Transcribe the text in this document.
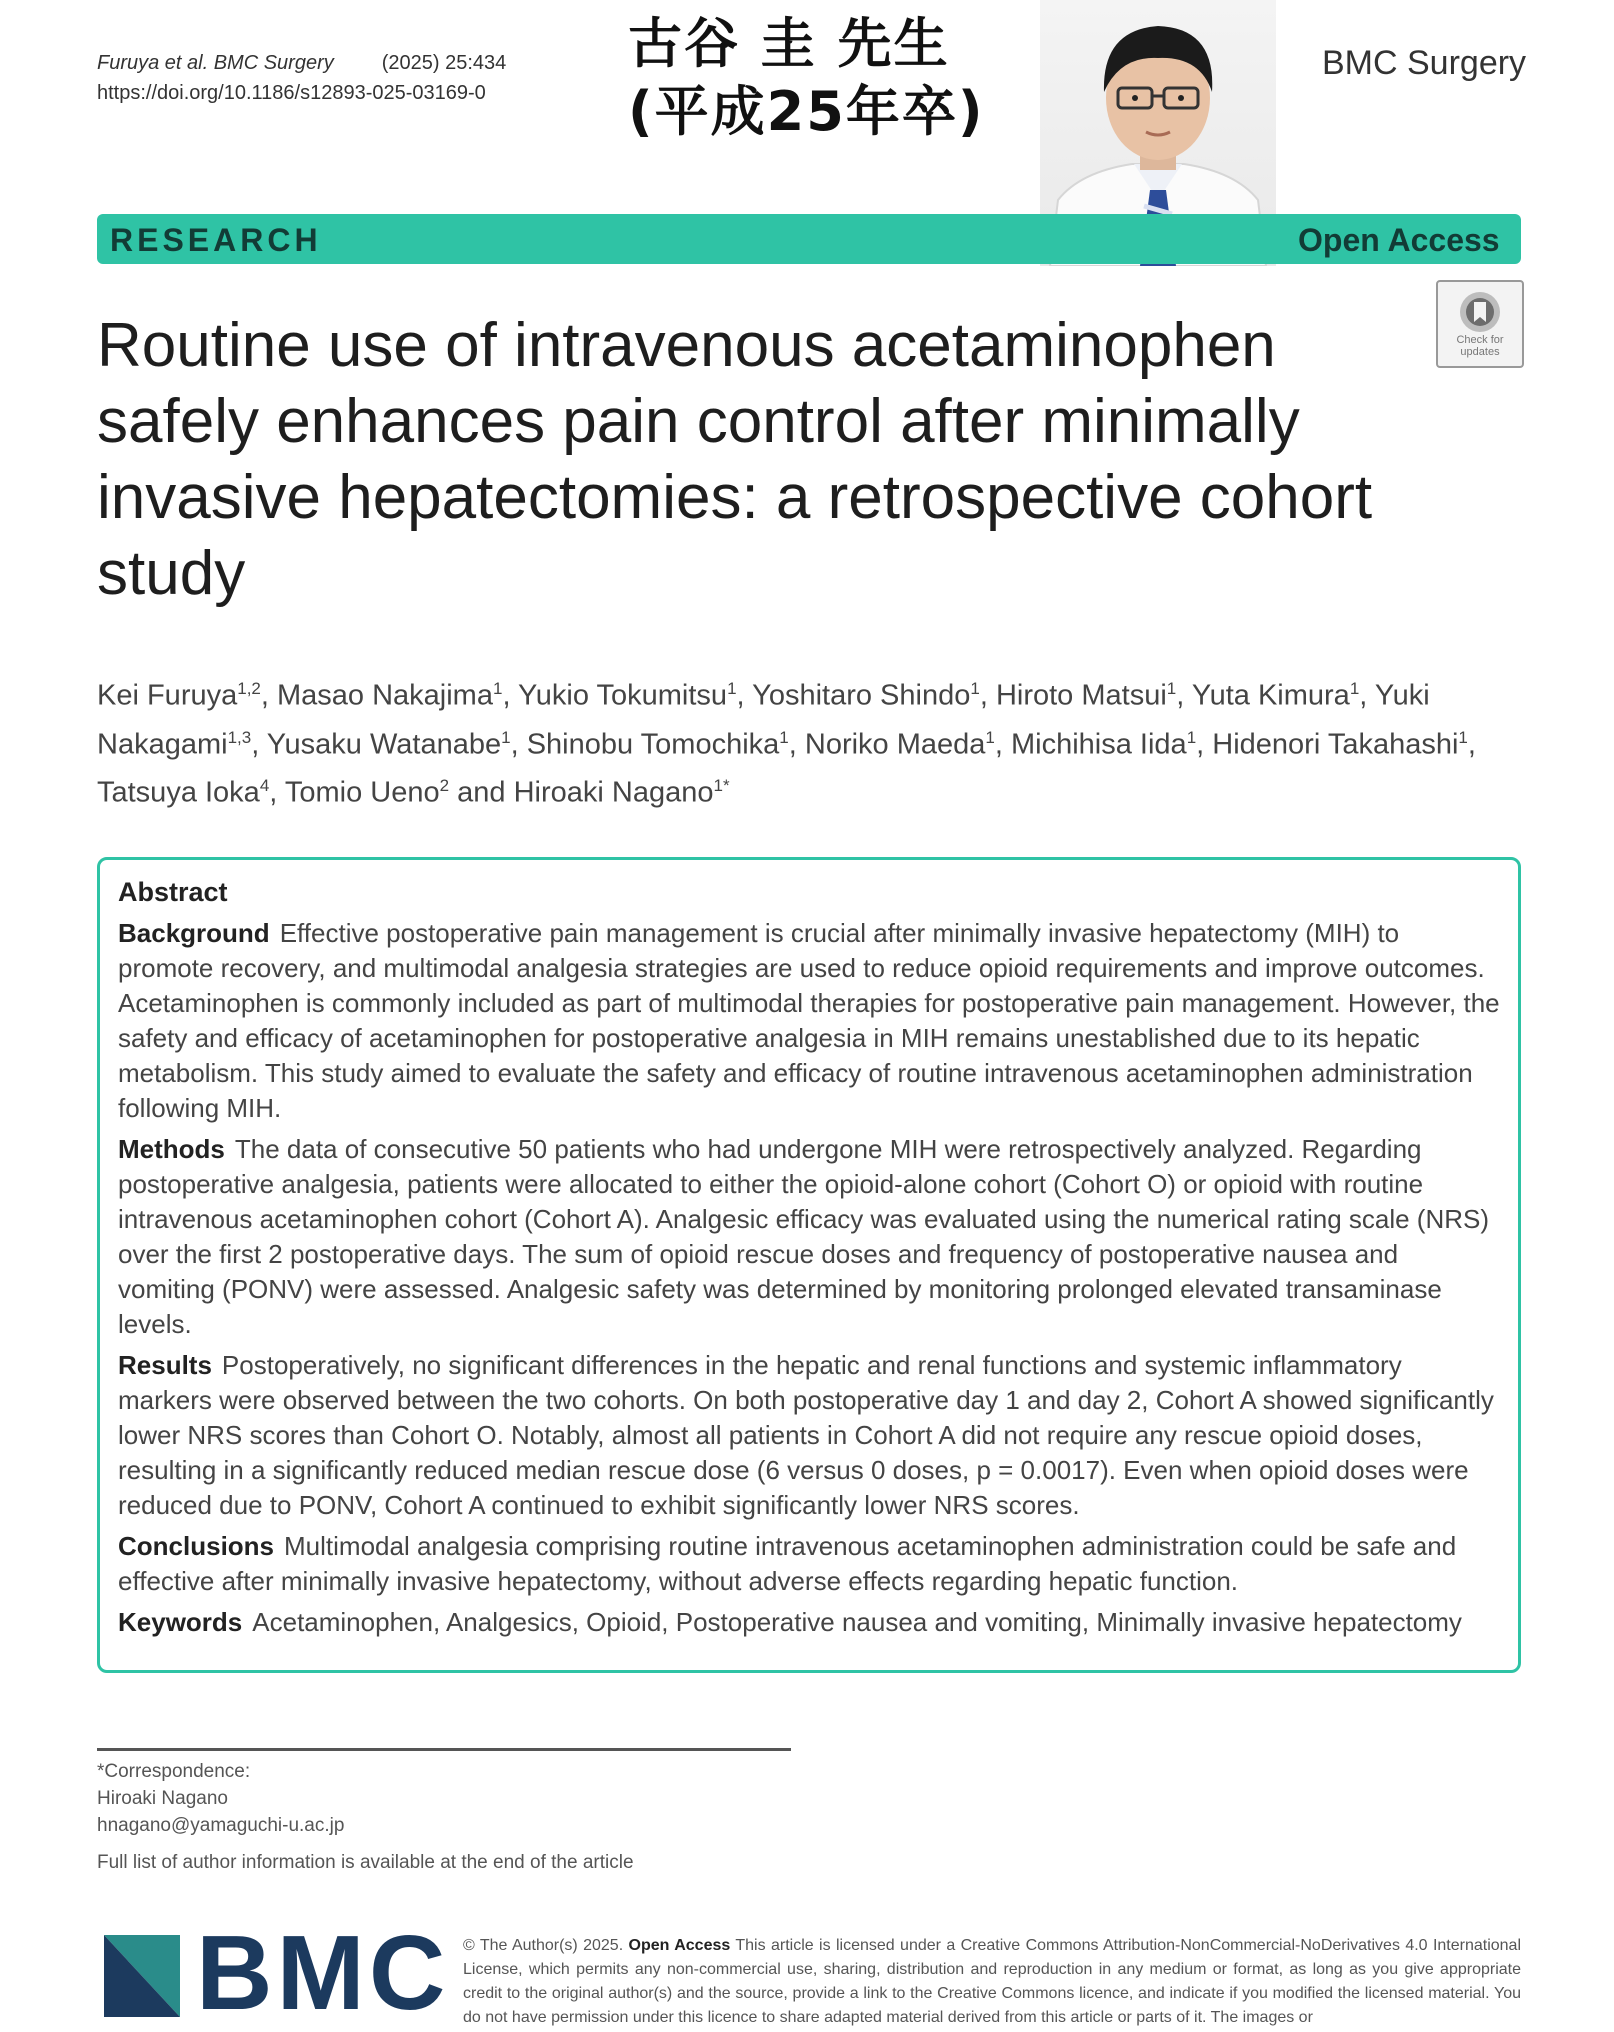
Furuya et al. BMC Surgery (2025) 25:434
https://doi.org/10.1186/s12893-025-03169-0
古谷 圭 先生
(平成25年卒)
BMC Surgery
RESEARCH	Open Access
Check for updates
Routine use of intravenous acetaminophen safely enhances pain control after minimally invasive hepatectomies: a retrospective cohort study
Kei Furuya$^{1,2}$, Masao Nakajima$^1$, Yukio Tokumitsu$^1$, Yoshitaro Shindo$^1$, Hiroto Matsui$^1$, Yuta Kimura$^1$, Yuki Nakagami$^{1,3}$, Yusaku Watanabe$^1$, Shinobu Tomochika$^1$, Noriko Maeda$^1$, Michihisa Iida$^1$, Hidenori Takahashi$^1$, Tatsuya Ioka$^4$, Tomio Ueno$^2$ and Hiroaki Nagano$^{1*}$
Abstract

Background Effective postoperative pain management is crucial after minimally invasive hepatectomy (MIH) to promote recovery, and multimodal analgesia strategies are used to reduce opioid requirements and improve outcomes. Acetaminophen is commonly included as part of multimodal therapies for postoperative pain management. However, the safety and efficacy of acetaminophen for postoperative analgesia in MIH remains unestablished due to its hepatic metabolism. This study aimed to evaluate the safety and efficacy of routine intravenous acetaminophen administration following MIH.

Methods The data of consecutive 50 patients who had undergone MIH were retrospectively analyzed. Regarding postoperative analgesia, patients were allocated to either the opioid-alone cohort (Cohort O) or opioid with routine intravenous acetaminophen cohort (Cohort A). Analgesic efficacy was evaluated using the numerical rating scale (NRS) over the first 2 postoperative days. The sum of opioid rescue doses and frequency of postoperative nausea and vomiting (PONV) were assessed. Analgesic safety was determined by monitoring prolonged elevated transaminase levels.

Results Postoperatively, no significant differences in the hepatic and renal functions and systemic inflammatory markers were observed between the two cohorts. On both postoperative day 1 and day 2, Cohort A showed significantly lower NRS scores than Cohort O. Notably, almost all patients in Cohort A did not require any rescue opioid doses, resulting in a significantly reduced median rescue dose (6 versus 0 doses, p = 0.0017). Even when opioid doses were reduced due to PONV, Cohort A continued to exhibit significantly lower NRS scores.

Conclusions Multimodal analgesia comprising routine intravenous acetaminophen administration could be safe and effective after minimally invasive hepatectomy, without adverse effects regarding hepatic function.

Keywords Acetaminophen, Analgesics, Opioid, Postoperative nausea and vomiting, Minimally invasive hepatectomy

*Correspondence:
Hiroaki Nagano
hnagano@yamaguchi-u.ac.jp
Full list of author information is available at the end of the article
BMC © The Author(s) 2025. Open Access This article is licensed under a Creative Commons Attribution-NonCommercial-NoDerivatives 4.0 International License, which permits any non-commercial use, sharing, distribution and reproduction in any medium or format, as long as you give appropriate credit to the original author(s) and the source, provide a link to the Creative Commons licence, and indicate if you modified the licensed material. You do not have permission under this licence to share adapted material derived from this article or parts of it. The images or
